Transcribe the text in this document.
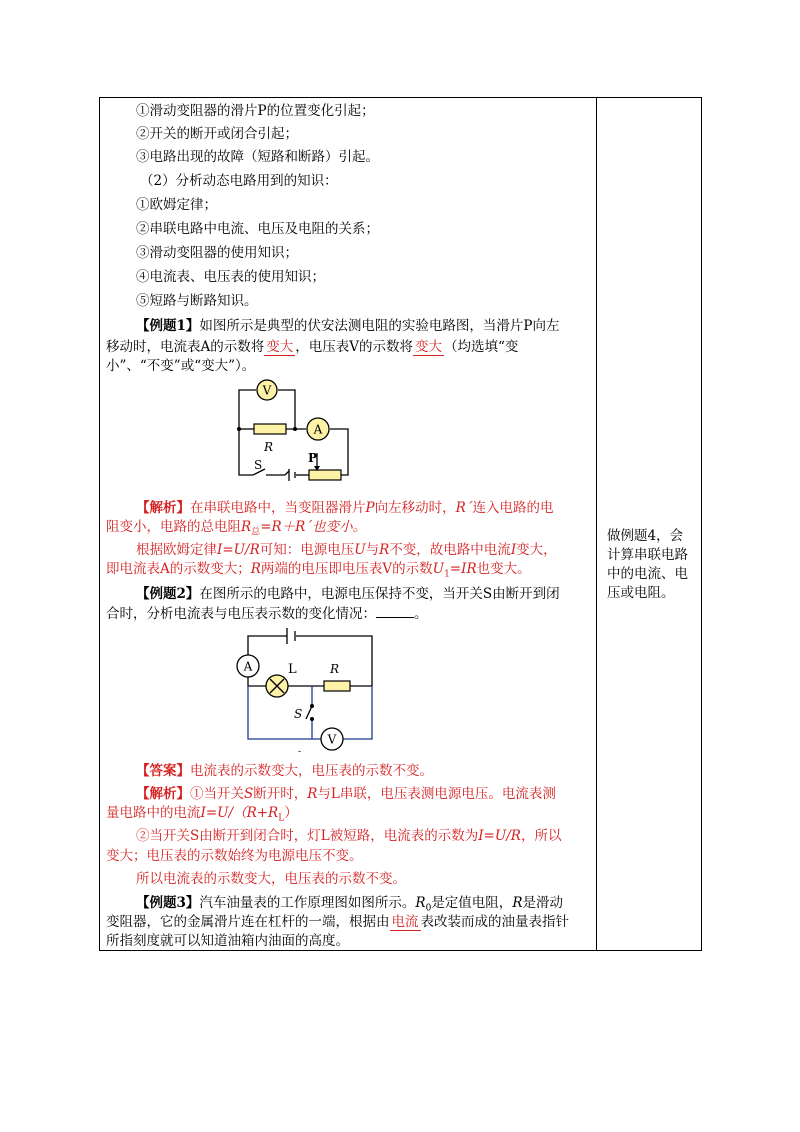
①滑动变阻器的滑片P的位置变化引起；
②开关的断开或闭合引起；
③电路出现的故障（短路和断路）引起。
（2）分析动态电路用到的知识：
①欧姆定律；
②串联电路中电流、电压及电阻的关系；
③滑动变阻器的使用知识；
④电流表、电压表的使用知识；
⑤短路与断路知识。
【例题1】如图所示是典型的伏安法测电阻的实验电路图，当滑片P向左
移动时，电流表A的示数将 变大 ，电压表V的示数将 变大 （均选填“变
小”、“不变”或“变大”）。
V
R
A
P
S
【解析】在串联电路中，当变阻器滑片P向左移动时，R´连入电路的电
阻变小，电路的总电阻$R_总=R+R´$也变小。
根据欧姆定律I=U/R可知：电源电压U与R不变，故电路中电流I变大，
即电流表A的示数变大；R两端的电压即电压表V的示数$U_1=IR$也变大。
【例题2】在图所示的电路中，电源电压保持不变，当开关S由断开到闭
合时，分析电流表与电压表示数的变化情况：	。
A	L	R
S
V
-
【答案】电流表的示数变大，电压表的示数不变。
【解析】①当开关S断开时，R与L串联，电压表测电源电压。电流表测
量电路中的电流$I=U/(R+R_L)$
②当开关S由断开到闭合时，灯L被短路，电流表的示数为I=U/R，所以
变大；电压表的示数始终为电源电压不变。
所以电流表的示数变大，电压表的示数不变。
【例题3】汽车油量表的工作原理图如图所示。$R_0$是定值电阻，R是滑动
变阻器，它的金属滑片连在杠杆的一端，根据由 电流 表改装而成的油量表指针
所指刻度就可以知道油箱内油面的高度。
做例题4，会
计算串联电路
中的电流、电
压或电阻。
